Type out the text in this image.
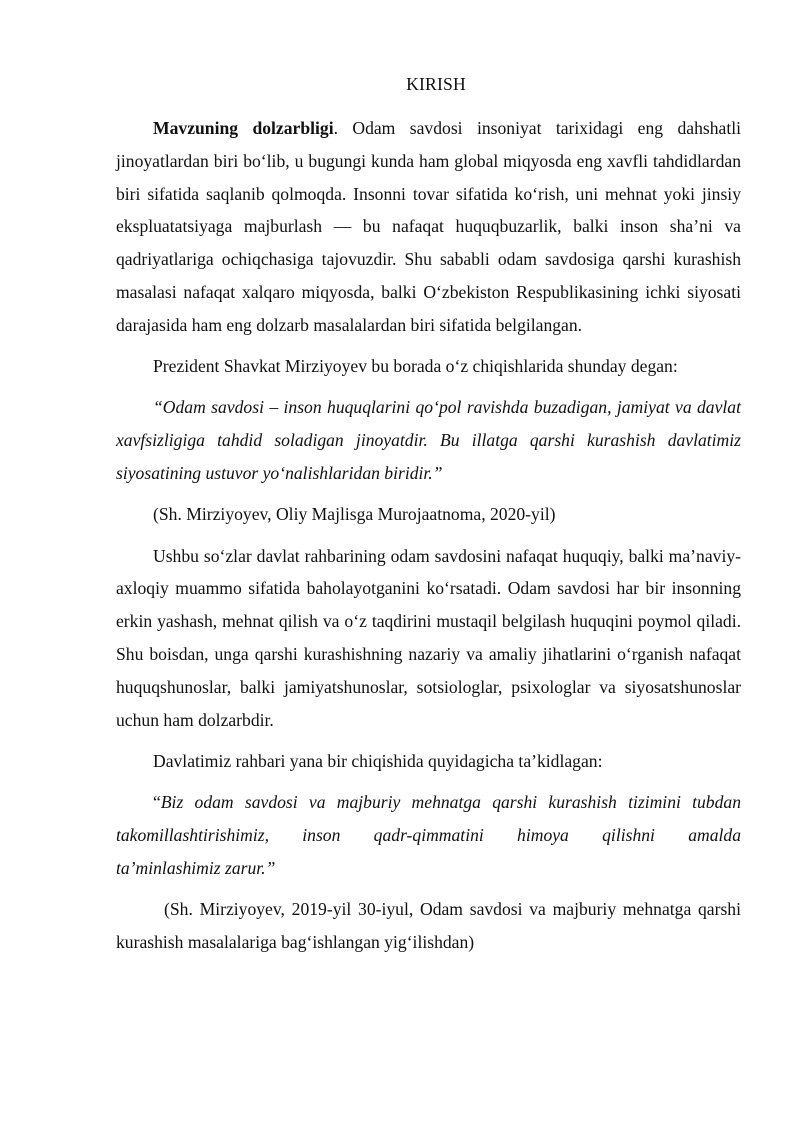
KIRISH

Mavzuning dolzarbligi. Odam savdosi insoniyat tarixidagi eng dahshatli jinoyatlardan biri bo‘lib, u bugungi kunda ham global miqyosda eng xavfli tahdidlardan biri sifatida saqlanib qolmoqda. Insonni tovar sifatida ko‘rish, uni mehnat yoki jinsiy ekspluatatsiyaga majburlash — bu nafaqat huquqbuzarlik, balki inson sha’ni va qadriyatlariga ochiqchasiga tajovuzdir. Shu sababli odam savdosiga qarshi kurashish masalasi nafaqat xalqaro miqyosda, balki O‘zbekiston Respublikasining ichki siyosati darajasida ham eng dolzarb masalalardan biri sifatida belgilangan.

Prezident Shavkat Mirziyoyev bu borada o‘z chiqishlarida shunday degan:

“Odam savdosi – inson huquqlarini qo‘pol ravishda buzadigan, jamiyat va davlat xavfsizligiga tahdid soladigan jinoyatdir. Bu illatga qarshi kurashish davlatimiz siyosatining ustuvor yo‘nalishlaridan biridir.”

(Sh. Mirziyoyev, Oliy Majlisga Murojaatnoma, 2020-yil)

Ushbu so‘zlar davlat rahbarining odam savdosini nafaqat huquqiy, balki ma’naviy-axloqiy muammo sifatida baholayotganini ko‘rsatadi. Odam savdosi har bir insonning erkin yashash, mehnat qilish va o‘z taqdirini mustaqil belgilash huquqini poymol qiladi. Shu boisdan, unga qarshi kurashishning nazariy va amaliy jihatlarini o‘rganish nafaqat huquqshunoslar, balki jamiyatshunoslar, sotsiologlar, psixologlar va siyosatshunoslar uchun ham dolzarbdir.

Davlatimiz rahbari yana bir chiqishida quyidagicha ta’kidlagan:

“Biz odam savdosi va majburiy mehnatga qarshi kurashish tizimini tubdan takomillashtirishimiz, inson qadr-qimmatini himoya qilishni amalda

ta’minlashimiz zarur.”

(Sh. Mirziyoyev, 2019-yil 30-iyul, Odam savdosi va majburiy mehnatga qarshi kurashish masalalariga bag‘ishlangan yig‘ilishdan)
